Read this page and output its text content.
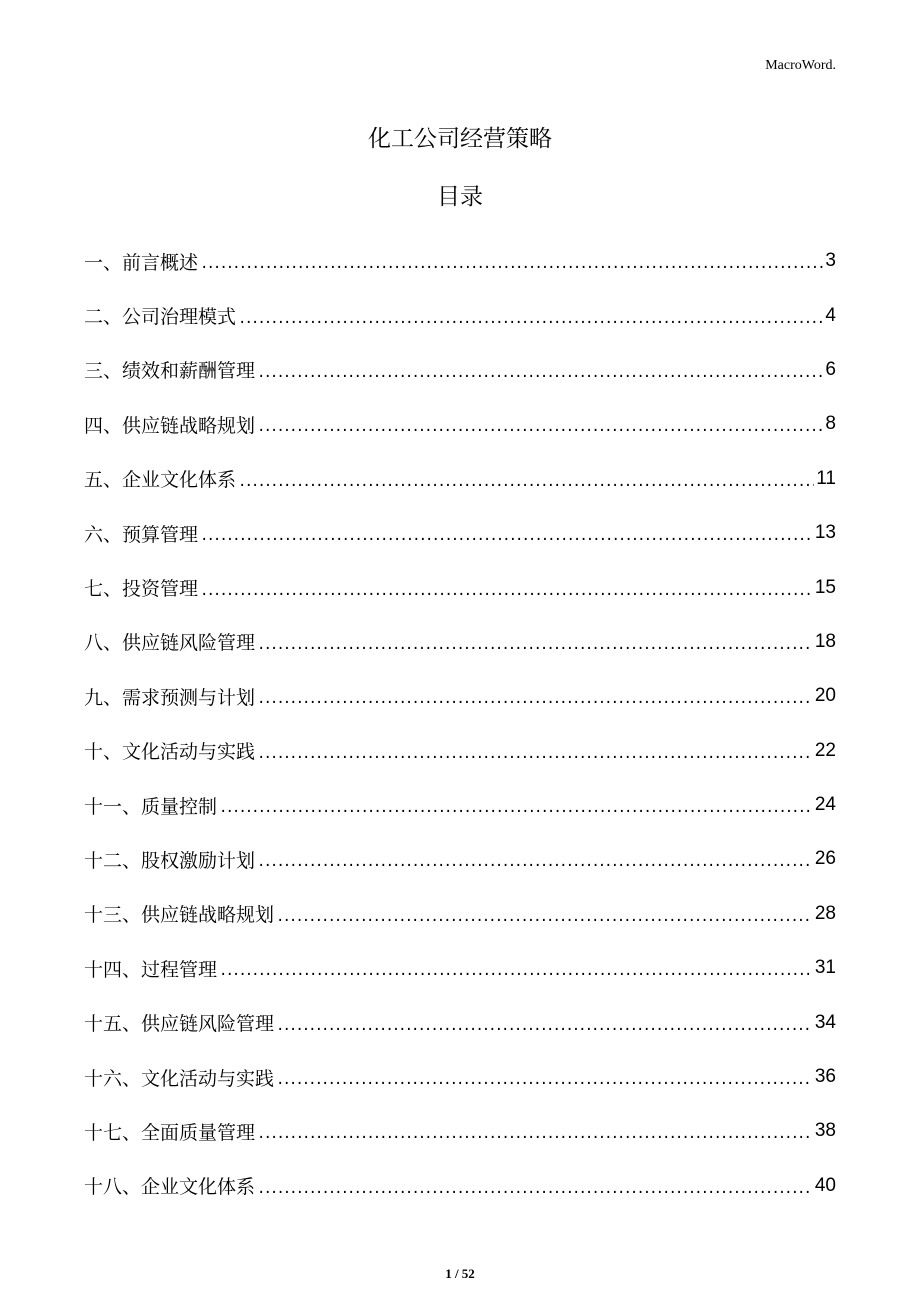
MacroWord.
化工公司经营策略
目录
一、 前言概述 .....	3
二、 公司治理模式 .....	4
三、 绩效和薪酬管理 .....	6
四、 供应链战略规划 .....	8
五、 企业文化体系 .....	11
六、 预算管理 .....	13
七、 投资管理 .....	15
八、 供应链风险管理 .....	18
九、 需求预测与计划 .....	20
十、 文化活动与实践 .....	22
十一、 质量控制 .....	24
十二、 股权激励计划 .....	26
十三、 供应链战略规划 .....	28
十四、 过程管理 .....	31
十五、 供应链风险管理 .....	34
十六、 文化活动与实践 .....	36
十七、 全面质量管理 .....	38
十八、 企业文化体系 .....	40
1 / 52
